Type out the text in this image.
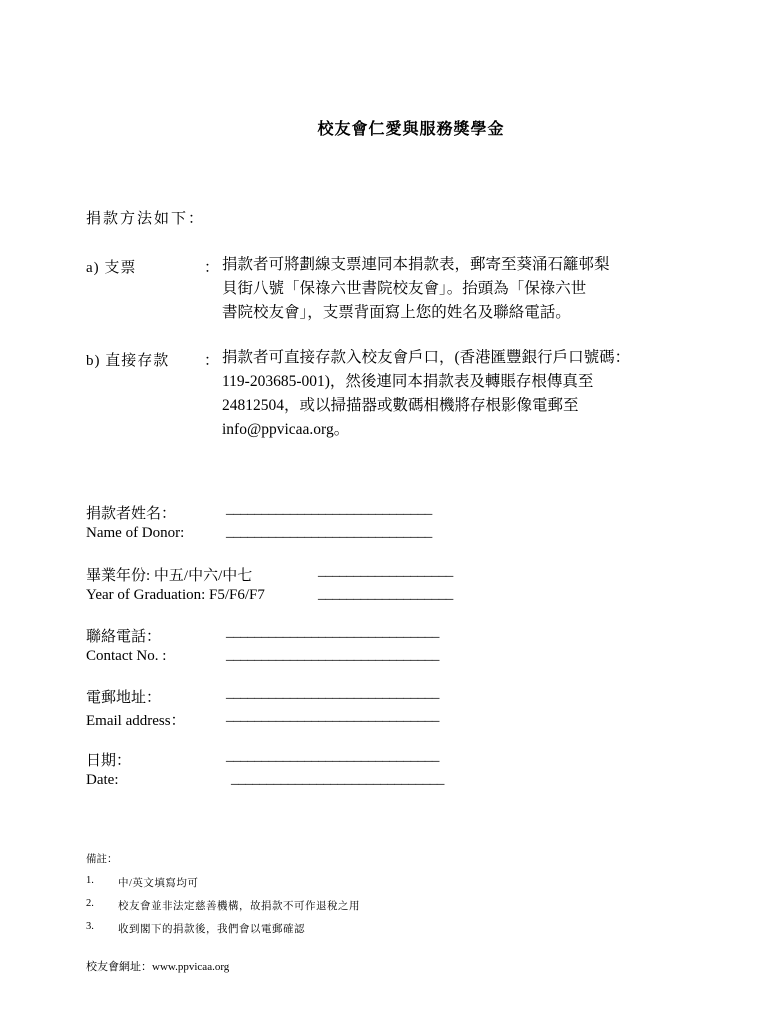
校友會仁愛與服務獎學金
捐款方法如下：
a) 支票	： 捐款者可將劃線支票連同本捐款表，郵寄至葵涌石籬邨梨
貝街八號「保祿六世書院校友會」。抬頭為「保祿六世
書院校友會」，支票背面寫上您的姓名及聯絡電話。
b) 直接存款 ： 捐款者可直接存款入校友會戶口，(香港匯豐銀行戶口號碼：
119-203685-001)，然後連同本捐款表及轉賬存根傳真至
24812504，或以掃描器或數碼相機將存根影像電郵至
info@ppvicaa.org。
捐款者姓名：
Name of Donor:
_____________________________
_____________________________
畢業年份: 中五/中六/中七
Year of Graduation: F5/F6/F7
___________________
___________________
聯絡電話：
Contact No. :
______________________________
______________________________
電郵地址：
Email address：
______________________________
______________________________
日期：
Date:
______________________________
______________________________
備註：
1. 中/英文填寫均可
2. 校友會並非法定慈善機構，故捐款不可作退稅之用
3. 收到閣下的捐款後，我們會以電郵確認
校友會網址：www.ppvicaa.org
